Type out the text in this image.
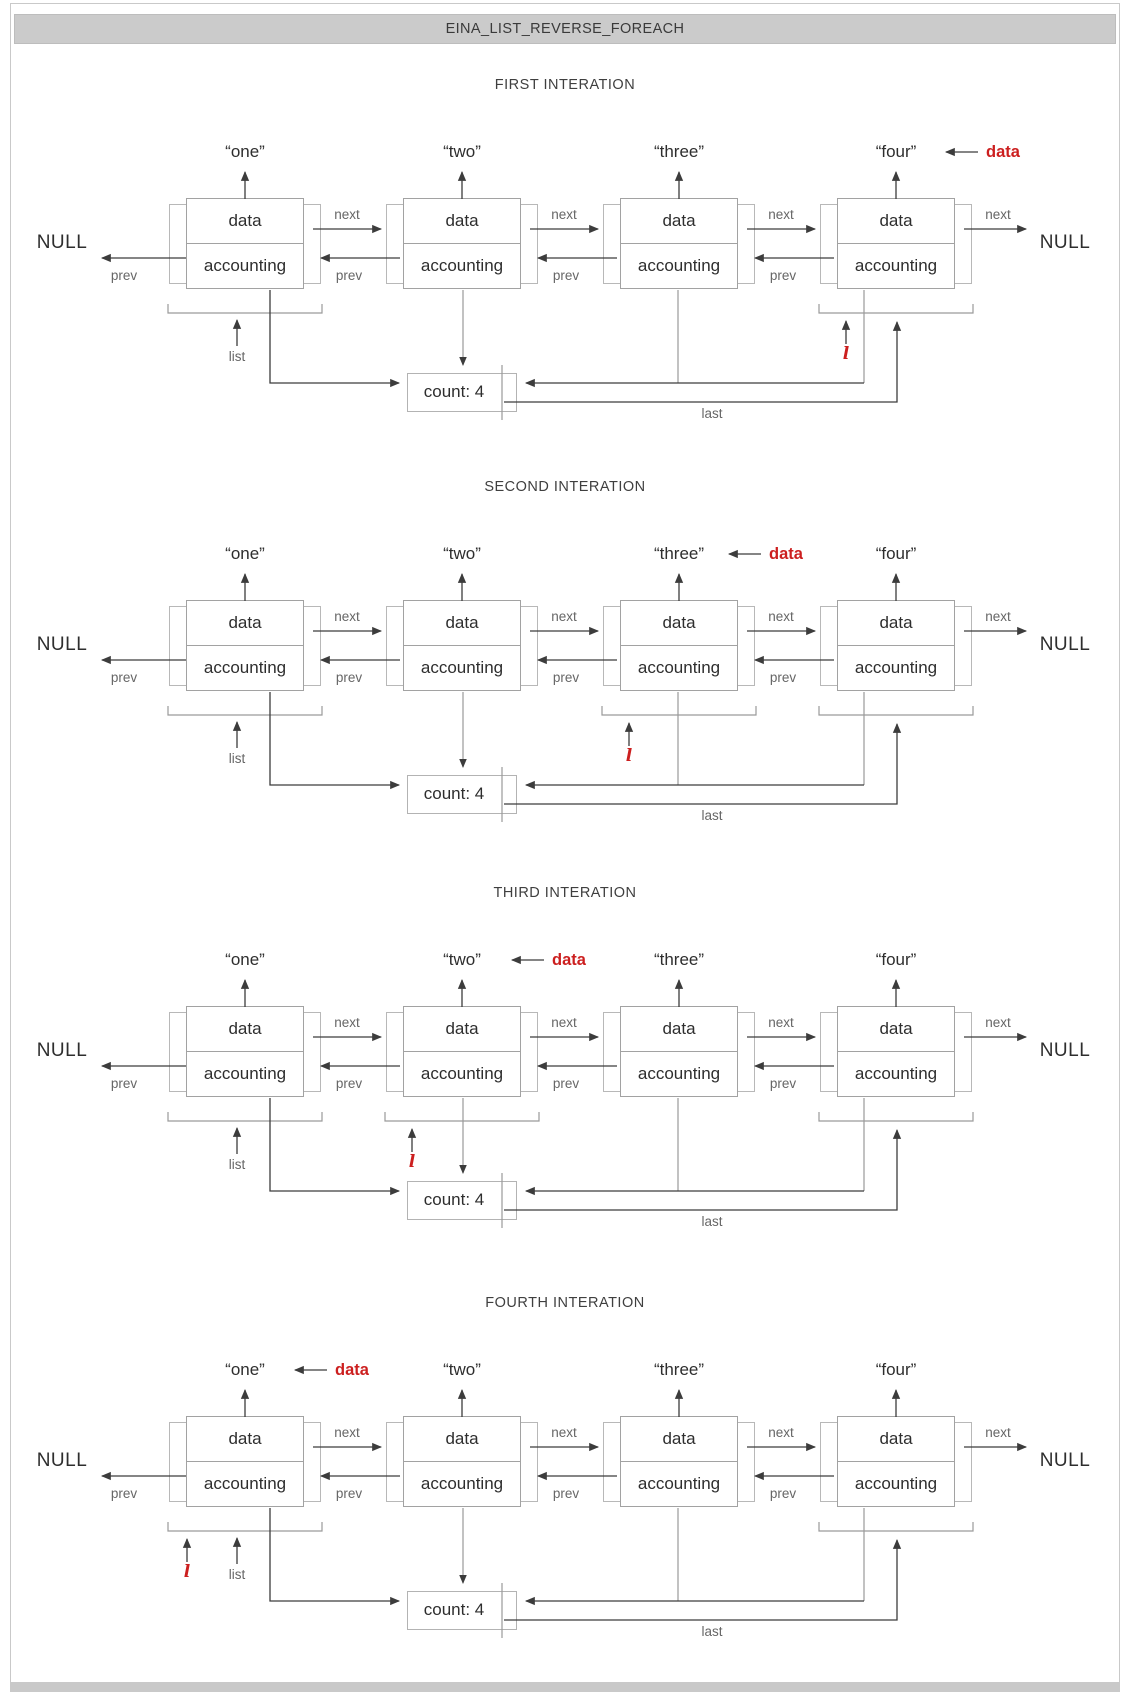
EINA_LIST_REVERSE_FOREACH
data
accounting
data
accounting
data
accounting
data
accounting
data
accounting
data
accounting
data
accounting
data
accounting
data
accounting
data
accounting
data
accounting
data
accounting
data
accounting
data
accounting
data
accounting
data
accounting
FIRST INTERATION
NULL	NULL
“one”
next
prev
“two”
next
prev
“three”
next
prev
“four”
next
prev
list
count: 4
last
l
data
SECOND INTERATION
NULL	NULL
“one”
next
prev
“two”
next
prev
“three”
next
prev
“four”
next
prev
list
count: 4
last
l
data
THIRD INTERATION
NULL	NULL
“one”
next
prev
“two”
next
prev
“three”
next
prev
“four”
next
prev
list
count: 4
last
l
data
FOURTH INTERATION
NULL	NULL
“one”
next
prev
“two”
next
prev
“three”
next
prev
“four”
next
prev
list
count: 4
last
l
data
